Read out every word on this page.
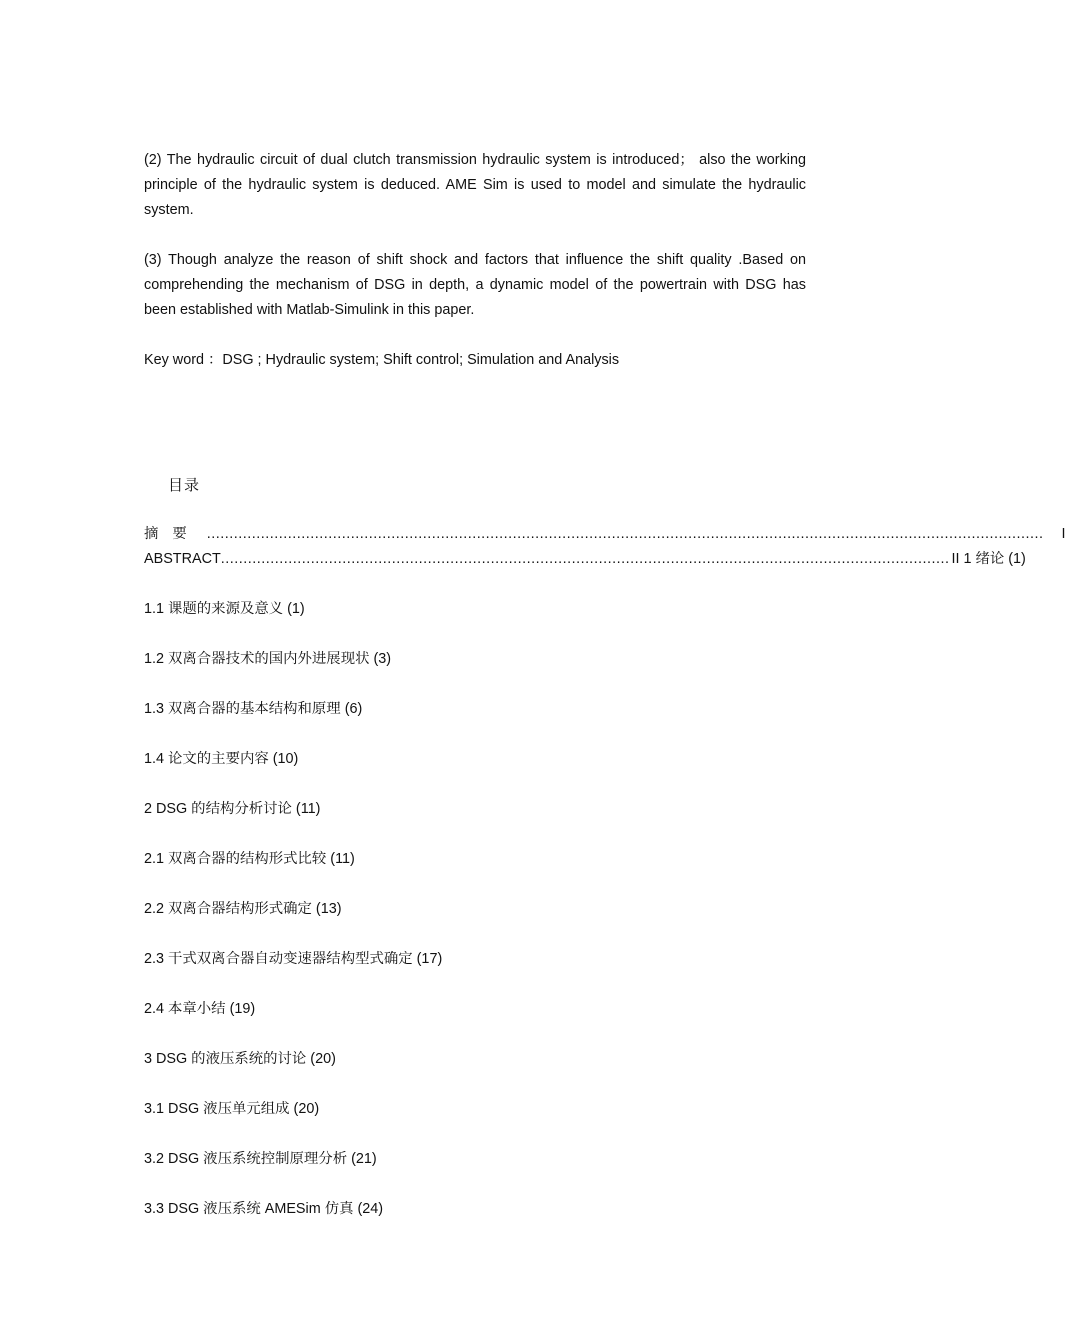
(2) The hydraulic circuit of dual clutch transmission hydraulic system is introduced； also the working principle of the hydraulic system is deduced. AME Sim is used to model and simulate the hydraulic system.

(3) Though analyze the reason of shift shock and factors that influence the shift quality .Based on comprehending the mechanism of DSG in depth, a dynamic model of the powertrain with DSG has been established with Matlab-Simulink in this paper.

Key word ：DSG ; Hydraulic system; Shift control; Simulation and Analysis

目录
摘要 .......................................................................................................................................................................................... I
ABSTRACT .................................................................................................................................................................. II 1 绪论 (1)
1.1 课题的来源及意义 (1)
1.2 双离合器技术的国内外进展现状 (3)
1.3 双离合器的基本结构和原理 (6)
1.4 论文的主要内容 (10)
2 DSG 的结构分析讨论 (11)
2.1 双离合器的结构形式比较 (11)
2.2 双离合器结构形式确定 (13)
2.3 干式双离合器自动变速器结构型式确定 (17)
2.4 本章小结 (19)
3 DSG 的液压系统的讨论 (20)
3.1 DSG 液压单元组成 (20)
3.2 DSG 液压系统控制原理分析 (21)
3.3 DSG 液压系统 AMESim 仿真 (24)
